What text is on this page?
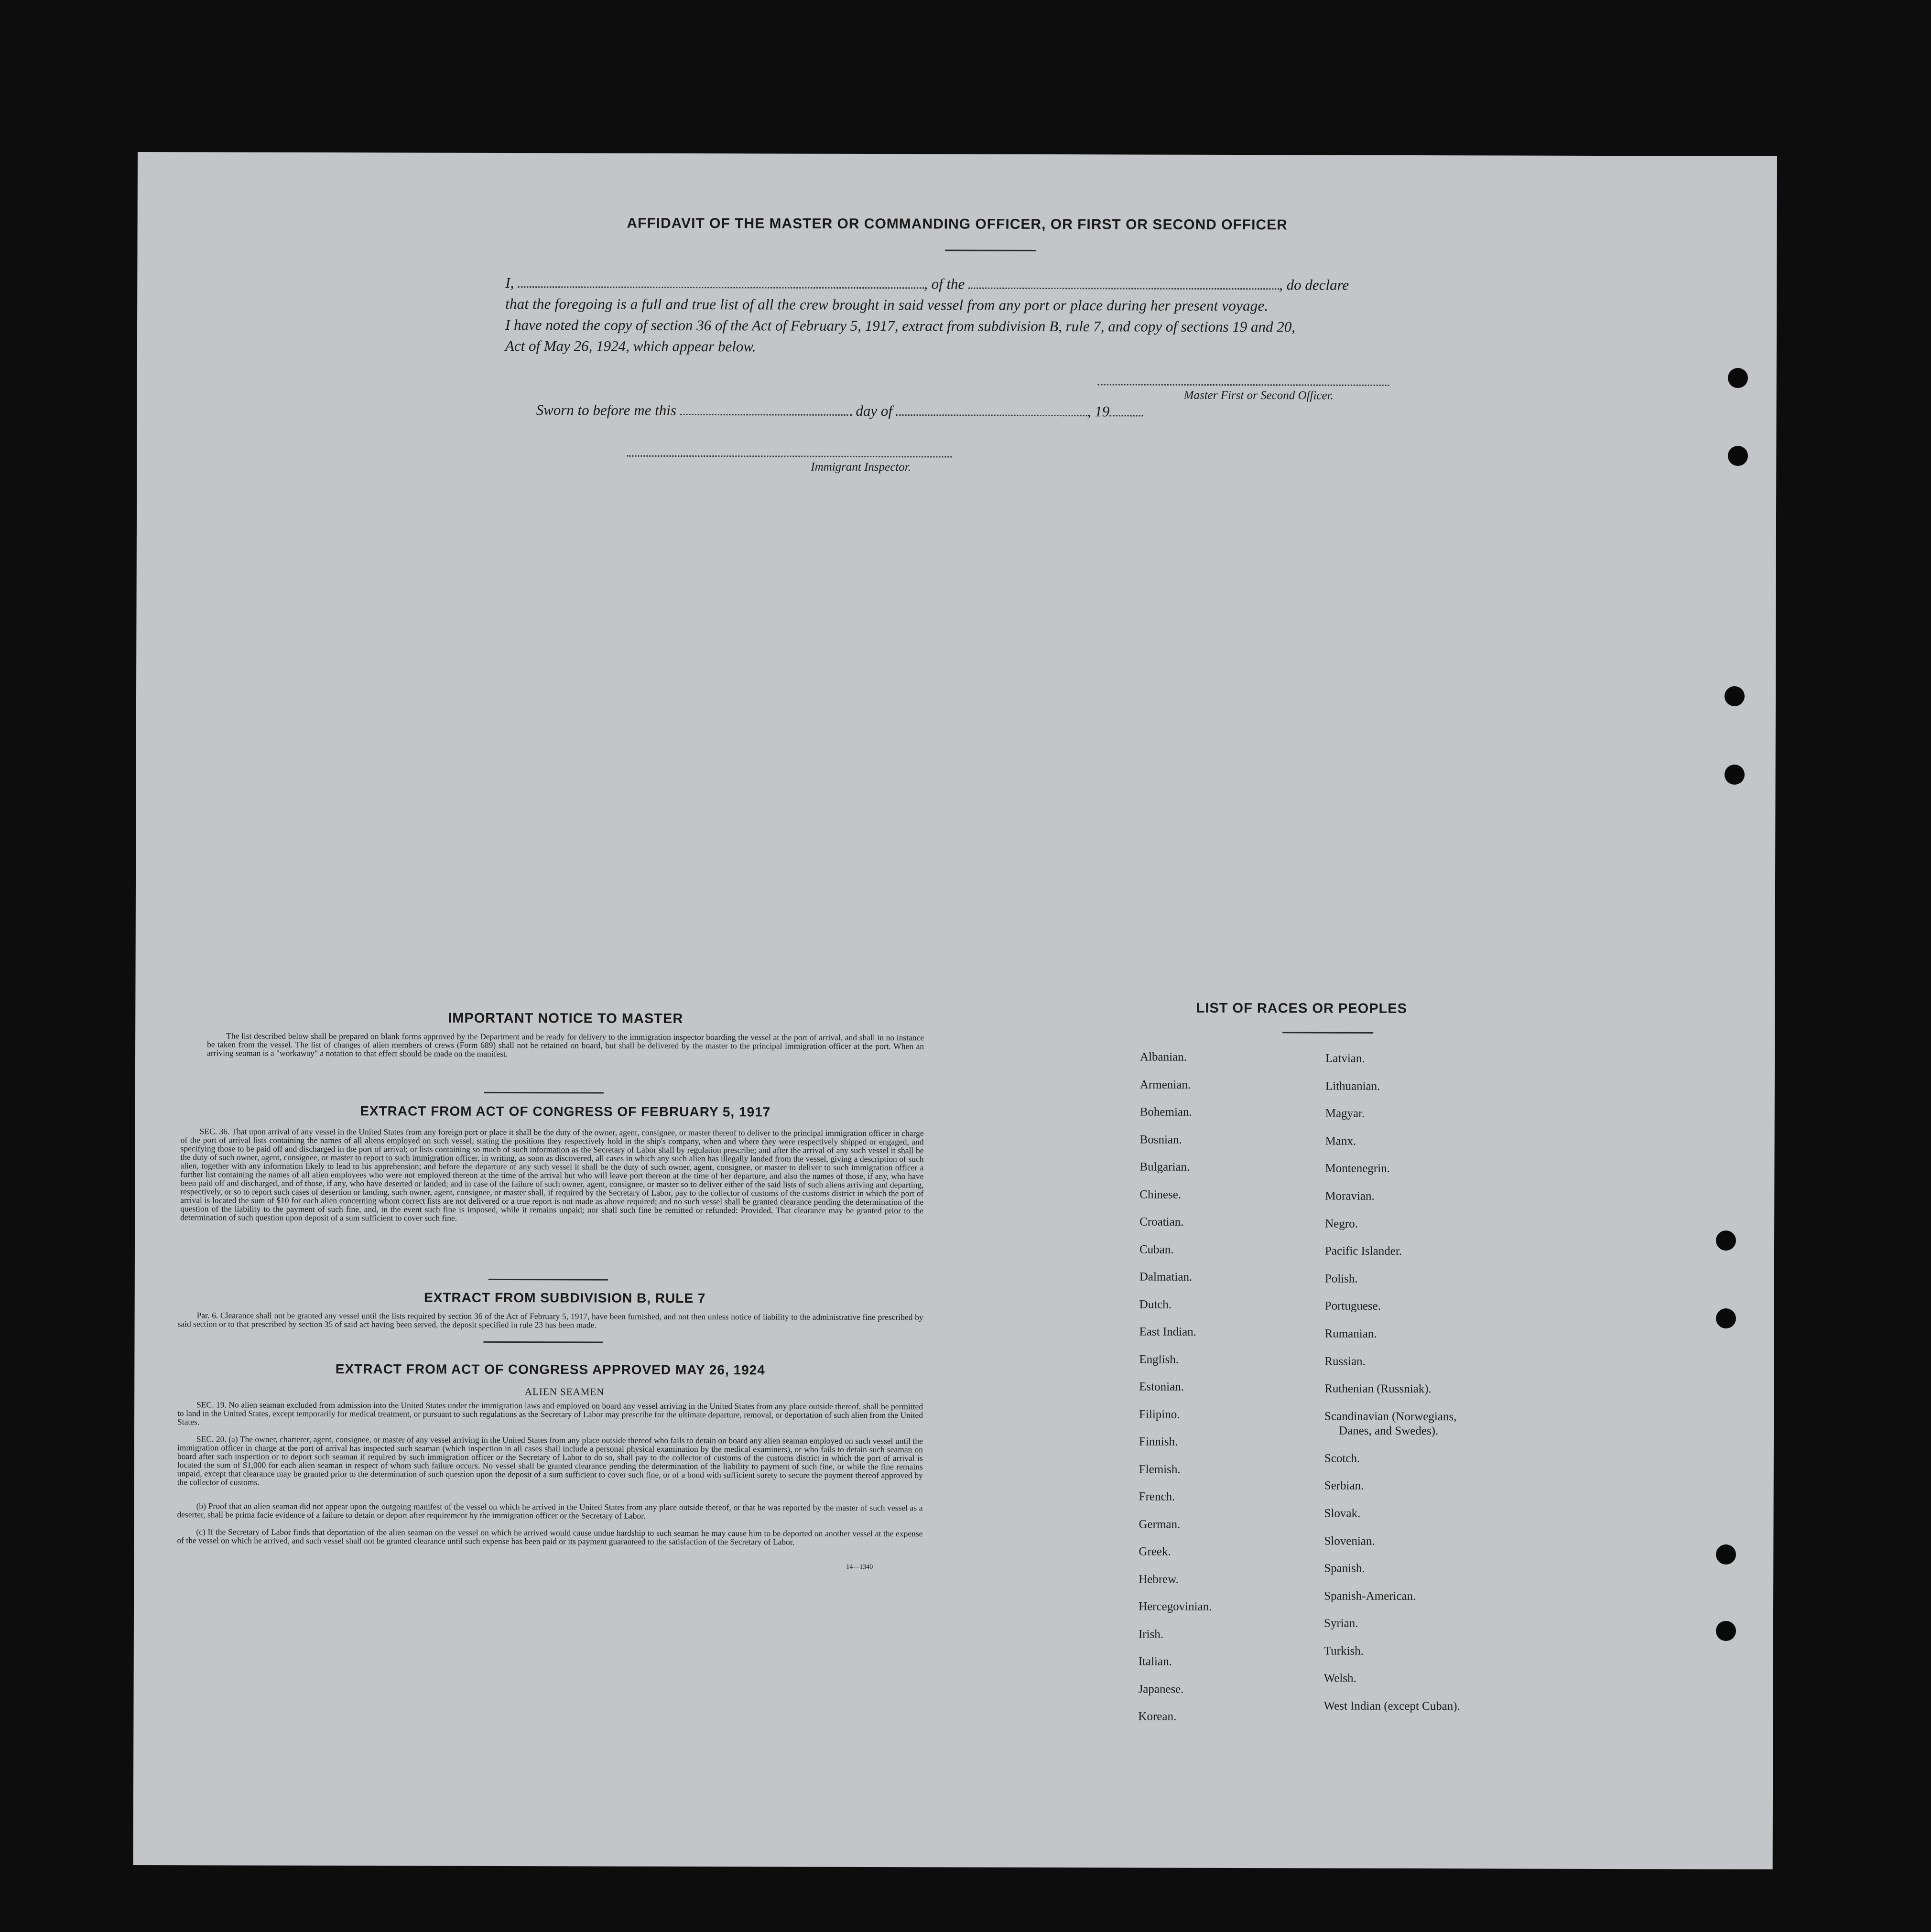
AFFIDAVIT OF THE MASTER OR COMMANDING OFFICER, OR FIRST OR SECOND OFFICER
I,	, of the	, do declare
that the foregoing is a full and true list of all the crew brought in said vessel from any port or place during her present voyage.
I have noted the copy of section 36 of the Act of February 5, 1917, extract from subdivision B, rule 7, and copy of sections 19 and 20,
Act of May 26, 1924, which appear below.
Master First or Second Officer.
Sworn to before me this	day of	, 19
Immigrant Inspector.
IMPORTANT NOTICE TO MASTER
The list described below shall be prepared on blank forms approved by the Department and be ready for delivery to the immigration inspector boarding the vessel at the port of arrival, and shall in no instance be taken from the vessel. The list of changes of alien members of crews (Form 689) shall not be retained on board, but shall be delivered by the master to the principal immigration officer at the port. When an arriving seaman is a "workaway" a notation to that effect should be made on the manifest.
EXTRACT FROM ACT OF CONGRESS OF FEBRUARY 5, 1917
SEC. 36. That upon arrival of any vessel in the United States from any foreign port or place it shall be the duty of the owner, agent, consignee, or master thereof to deliver to the principal immigration officer in charge of the port of arrival lists containing the names of all aliens employed on such vessel, stating the positions they respectively hold in the ship's company, when and where they were respectively shipped or engaged, and specifying those to be paid off and discharged in the port of arrival; or lists containing so much of such information as the Secretary of Labor shall by regulation prescribe; and after the arrival of any such vessel it shall be the duty of such owner, agent, consignee, or master to report to such immigration officer, in writing, as soon as discovered, all cases in which any such alien has illegally landed from the vessel, giving a description of such alien, together with any information likely to lead to his apprehension; and before the departure of any such vessel it shall be the duty of such owner, agent, consignee, or master to deliver to such immigration officer a further list containing the names of all alien employees who were not employed thereon at the time of the arrival but who will leave port thereon at the time of her departure, and also the names of those, if any, who have been paid off and discharged, and of those, if any, who have deserted or landed; and in case of the failure of such owner, agent, consignee, or master so to deliver either of the said lists of such aliens arriving and departing, respectively, or so to report such cases of desertion or landing, such owner, agent, consignee, or master shall, if required by the Secretary of Labor, pay to the collector of customs of the customs district in which the port of arrival is located the sum of $10 for each alien concerning whom correct lists are not delivered or a true report is not made as above required; and no such vessel shall be granted clearance pending the determination of the question of the liability to the payment of such fine, and, in the event such fine is imposed, while it remains unpaid; nor shall such fine be remitted or refunded: Provided, That clearance may be granted prior to the determination of such question upon deposit of a sum sufficient to cover such fine.
EXTRACT FROM SUBDIVISION B, RULE 7
Par. 6. Clearance shall not be granted any vessel until the lists required by section 36 of the Act of February 5, 1917, have been furnished, and not then unless notice of liability to the administrative fine prescribed by said section or to that prescribed by section 35 of said act having been served, the deposit specified in rule 23 has been made.
EXTRACT FROM ACT OF CONGRESS APPROVED MAY 26, 1924
ALIEN SEAMEN
SEC. 19. No alien seaman excluded from admission into the United States under the immigration laws and employed on board any vessel arriving in the United States from any place outside thereof, shall be permitted to land in the United States, except temporarily for medical treatment, or pursuant to such regulations as the Secretary of Labor may prescribe for the ultimate departure, removal, or deportation of such alien from the United States.
SEC. 20. (a) The owner, charterer, agent, consignee, or master of any vessel arriving in the United States from any place outside thereof who fails to detain on board any alien seaman employed on such vessel until the immigration officer in charge at the port of arrival has inspected such seaman (which inspection in all cases shall include a personal physical examination by the medical examiners), or who fails to detain such seaman on board after such inspection or to deport such seaman if required by such immigration officer or the Secretary of Labor to do so, shall pay to the collector of customs of the customs district in which the port of arrival is located the sum of $1,000 for each alien seaman in respect of whom such failure occurs. No vessel shall be granted clearance pending the determination of the liability to payment of such fine, or while the fine remains unpaid, except that clearance may be granted prior to the determination of such question upon the deposit of a sum sufficient to cover such fine, or of a bond with sufficient surety to secure the payment thereof approved by the collector of customs.
(b) Proof that an alien seaman did not appear upon the outgoing manifest of the vessel on which he arrived in the United States from any place outside thereof, or that he was reported by the master of such vessel as a deserter, shall be prima facie evidence of a failure to detain or deport after requirement by the immigration officer or the Secretary of Labor.
(c) If the Secretary of Labor finds that deportation of the alien seaman on the vessel on which he arrived would cause undue hardship to such seaman he may cause him to be deported on another vessel at the expense of the vessel on which he arrived, and such vessel shall not be granted clearance until such expense has been paid or its payment guaranteed to the satisfaction of the Secretary of Labor.
14—1340
LIST OF RACES OR PEOPLES
Albanian.
Armenian.
Bohemian.
Bosnian.
Bulgarian.
Chinese.
Croatian.
Cuban.
Dalmatian.
Dutch.
East Indian.
English.
Estonian.
Filipino.
Finnish.
Flemish.
French.
German.
Greek.
Hebrew.
Hercegovinian.
Irish.
Italian.
Japanese.
Korean.
Latvian.
Lithuanian.
Magyar.
Manx.
Montenegrin.
Moravian.
Negro.
Pacific Islander.
Polish.
Portuguese.
Rumanian.
Russian.
Ruthenian (Russniak).
Scandinavian (Norwegians,
Danes, and Swedes).
Scotch.
Serbian.
Slovak.
Slovenian.
Spanish.
Spanish-American.
Syrian.
Turkish.
Welsh.
West Indian (except Cuban).
